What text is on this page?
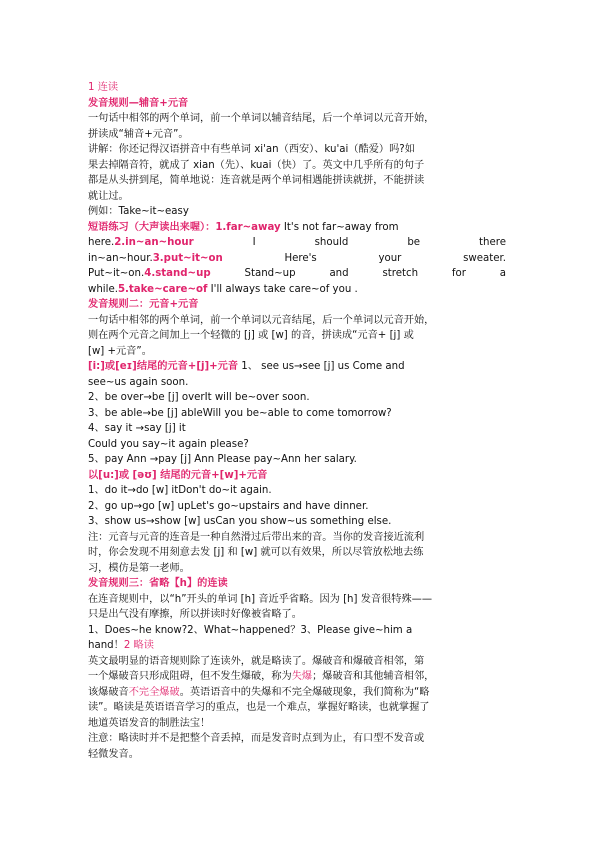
1 连读
发音规则—辅音+元音
一句话中相邻的两个单词，前一个单词以辅音结尾，后一个单词以元音开始，
拼读成“辅音+元音”。
讲解：你还记得汉语拼音中有些单词 xi'an（西安）、ku'ai（酷爱）吗?如
果去掉隔音符，就成了 xian（先）、kuai（快）了。英文中几乎所有的句子
都是从头拼到尾，简单地说：连音就是两个单词相遇能拼读就拼，不能拼读
就让过。
例如：Take~it~easy
短语练习（大声读出来喔）：1.far~away It's not far~away from
here.2.in~an~hour	I	should	be	there
in~an~hour.3.put~it~on	Here's	your	sweater.
Put~it~on.4.stand~up	Stand~up	and	stretch	for	a
while.5.take~care~of I'll always take care~of you .
发音规则二：元音+元音
一句话中相邻的两个单词，前一个单词以元音结尾，后一个单词以元音开始，
则在两个元音之间加上一个轻微的 [j] 或 [w] 的音，拼读成“元音+ [j] 或
[w] +元音”。
[i:]或[eɪ]结尾的元音+[j]+元音 1、 see us→see [j] us Come and
see~us again soon.
2、be over→be [j] overIt will be~over soon.
3、be able→be [j] ableWill you be~able to come tomorrow?
4、say it →say [j] it
Could you say~it again please?
5、pay Ann →pay [j] Ann Please pay~Ann her salary.
以[u:]或 [əʊ] 结尾的元音+[w]+元音
1、do it→do [w] itDon't do~it again.
2、go up→go [w] upLet's go~upstairs and have dinner.
3、show us→show [w] usCan you show~us something else.
注：元音与元音的连音是一种自然滑过后带出来的音。当你的发音接近流利
时，你会发现不用刻意去发 [j] 和 [w] 就可以有效果，所以尽管放松地去练
习，模仿是第一老师。
发音规则三：省略【h】的连读
在连音规则中，以“h”开头的单词 [h] 音近乎省略。因为 [h] 发音很特殊——
只是出气没有摩擦，所以拼读时好像被省略了。
1、Does~he know?2、What~happened？3、Please give~him a
hand！2 略读
英文最明显的语音规则除了连读外，就是略读了。爆破音和爆破音相邻，第
一个爆破音只形成阻碍，但不发生爆破，称为失爆；爆破音和其他辅音相邻，
该爆破音不完全爆破。英语语音中的失爆和不完全爆破现象，我们简称为“略
读”。略读是英语语音学习的重点，也是一个难点，掌握好略读，也就掌握了
地道英语发音的制胜法宝！
注意：略读时并不是把整个音丢掉，而是发音时点到为止，有口型不发音或
轻微发音。
